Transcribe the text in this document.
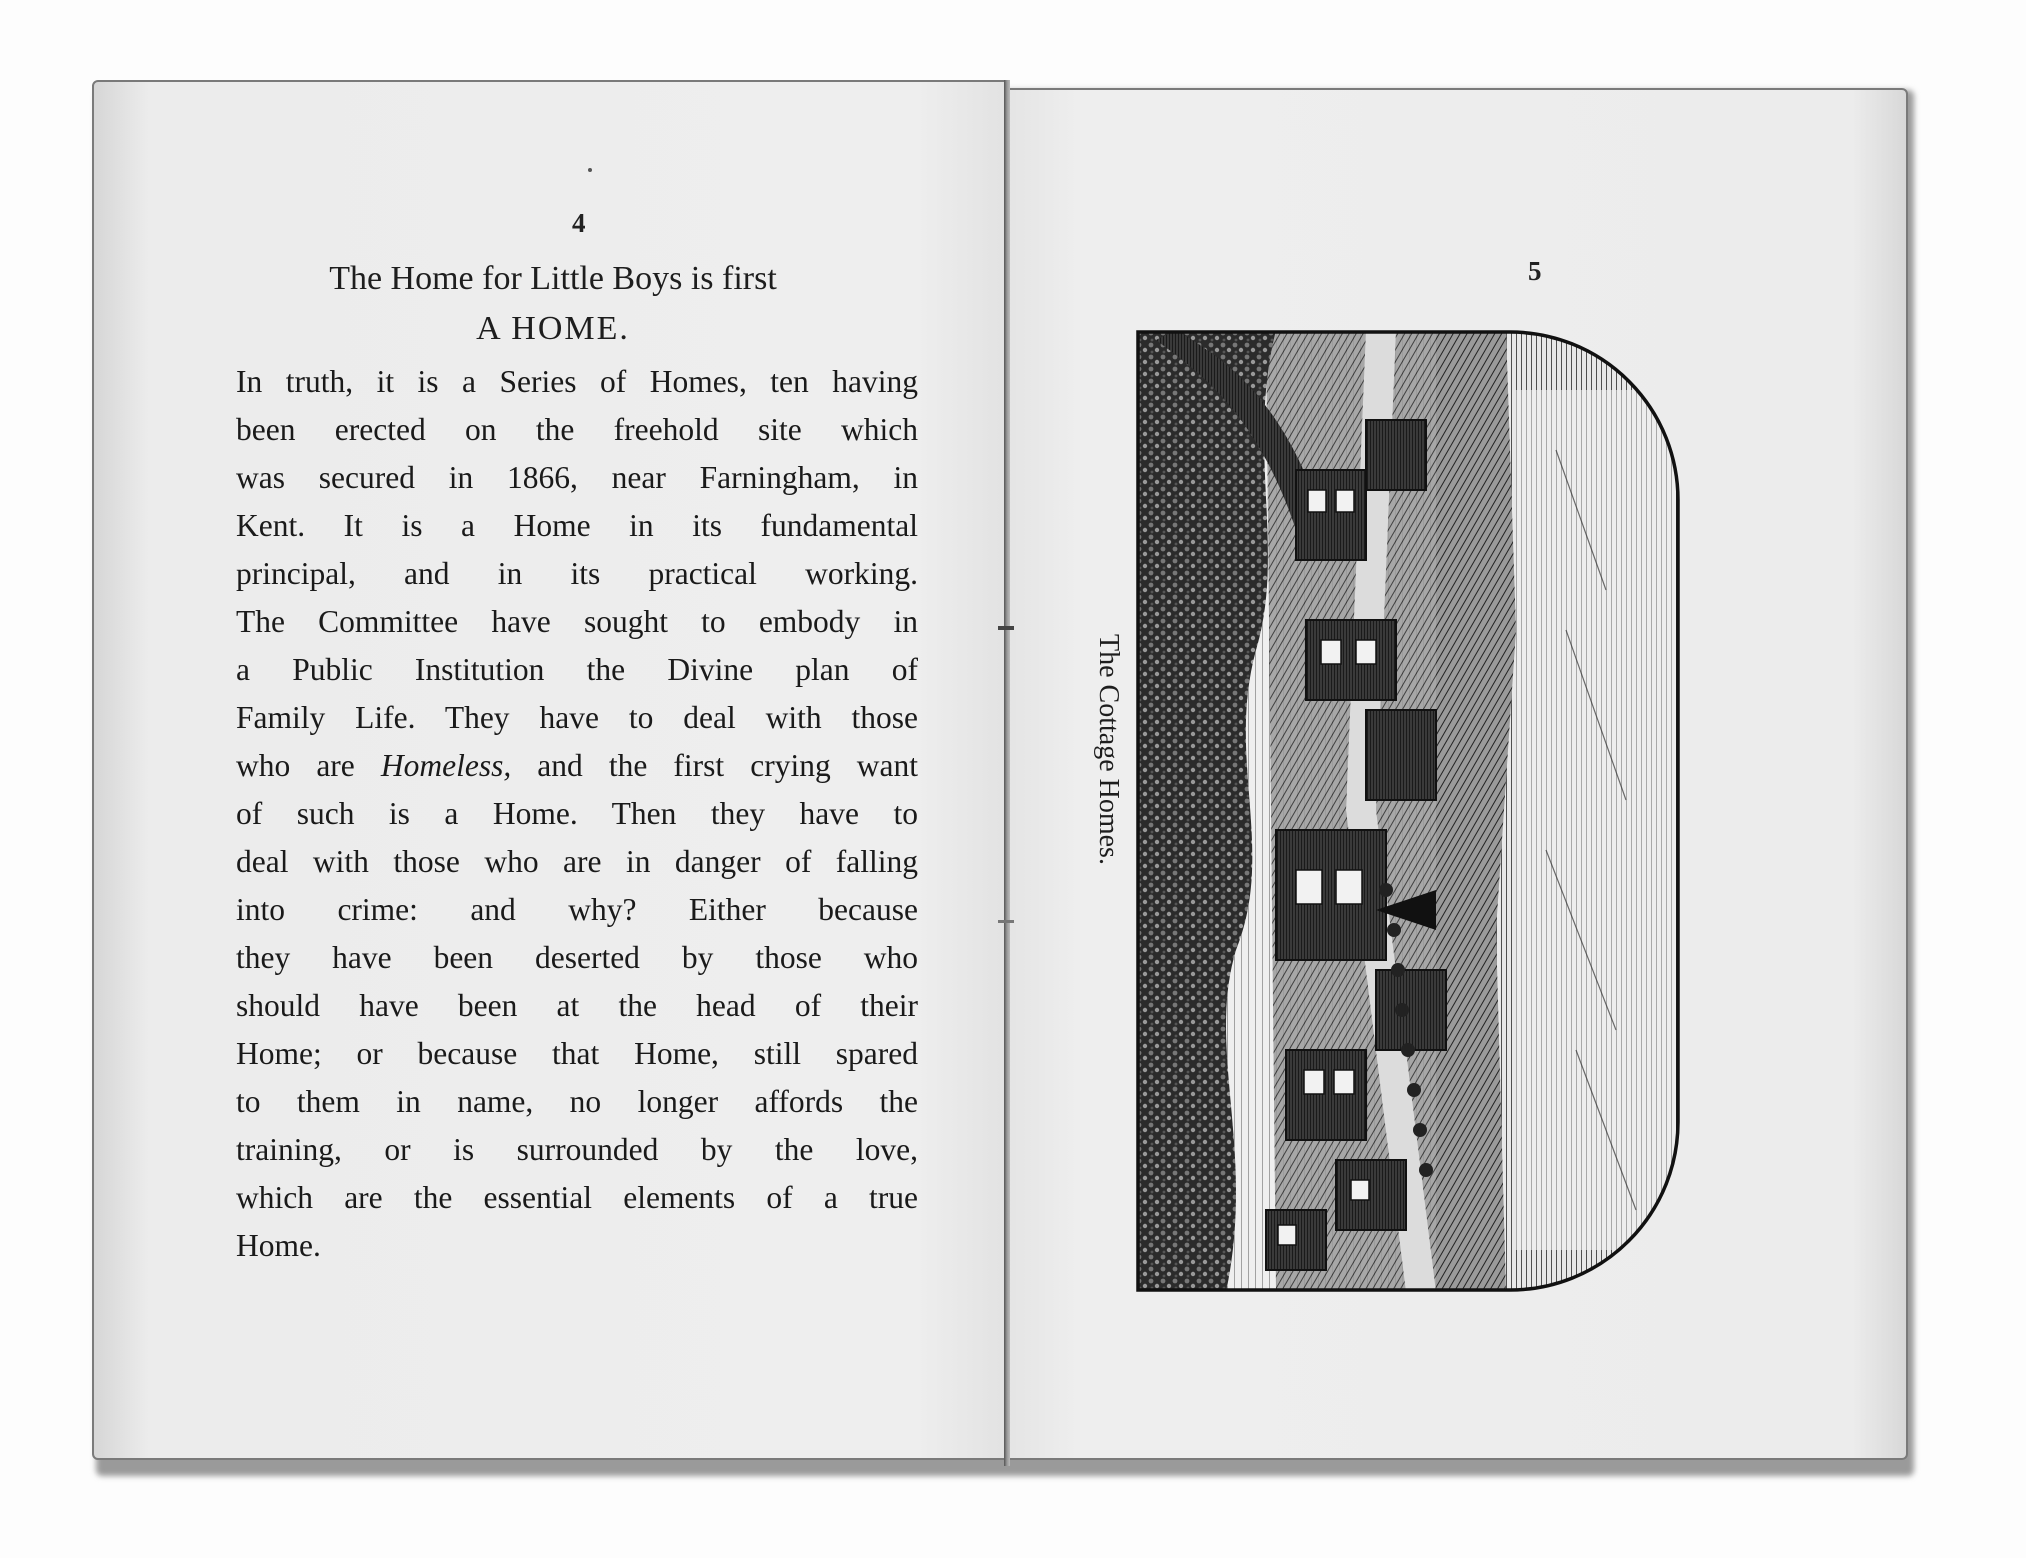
4
The Home for Little Boys is first
A HOME.
In truth, it is a Series of Homes, ten having
been erected on the freehold site which
was secured in 1866, near Farningham, in
Kent. It is a Home in its fundamental
principal, and in its practical working.
The Committee have sought to embody in
a Public Institution the Divine plan of
Family Life. They have to deal with those
who are Homeless, and the first crying want
of such is a Home. Then they have to
deal with those who are in danger of falling
into crime: and why? Either because
they have been deserted by those who
should have been at the head of their
Home; or because that Home, still spared
to them in name, no longer affords the
training, or is surrounded by the love,
which are the essential elements of a true
Home.
5
The Cottage Homes.
